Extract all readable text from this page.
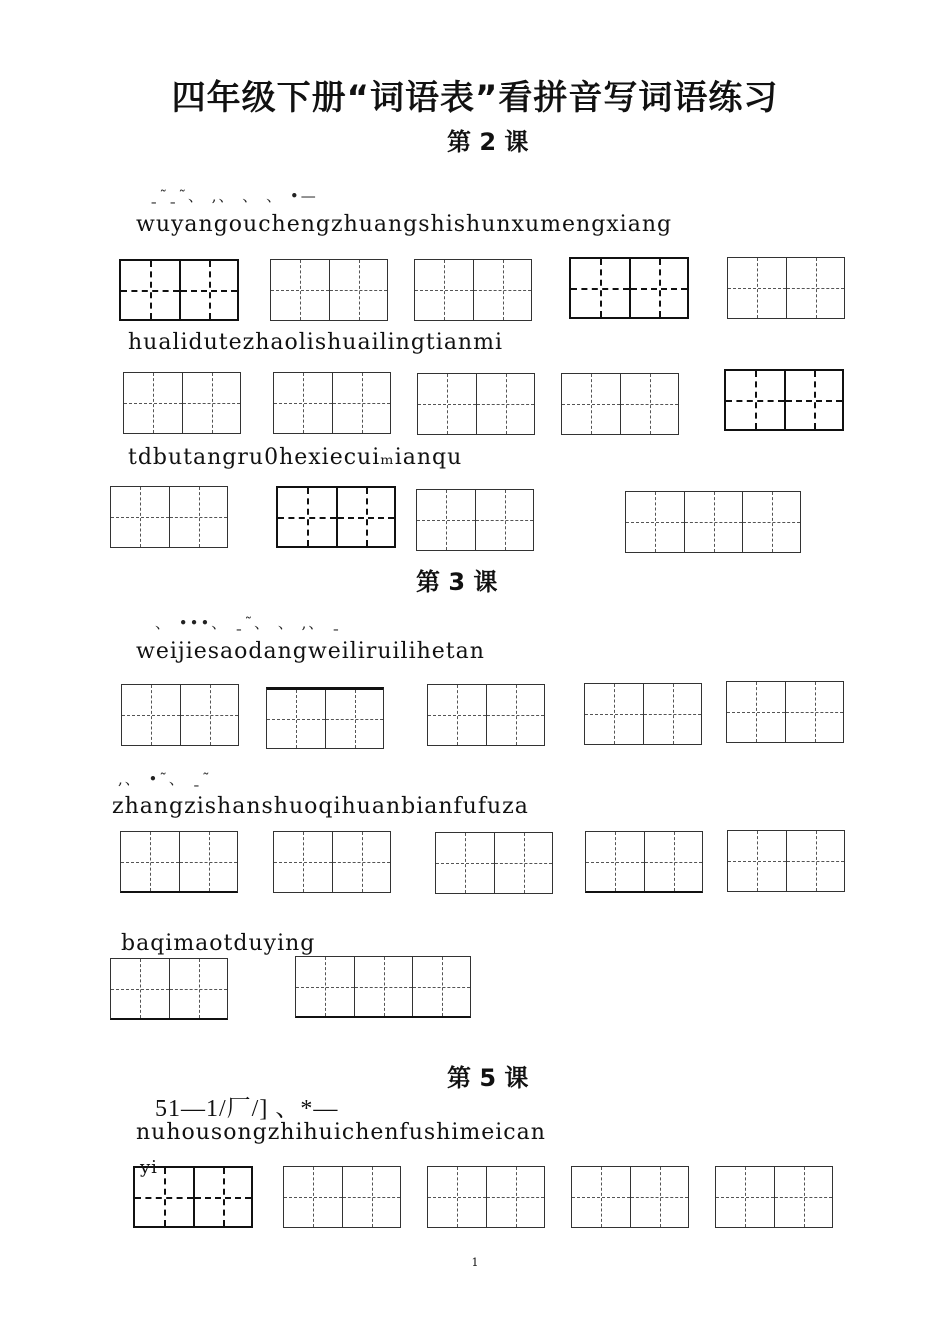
四年级下册“词语表”看拼音写词语练习
第 2 课
ˍ˜ˍ˜、 ,、 、 、 •—
wuyangouchengzhuangshishunxumengxiang
hualidutezhaolishuailingtianmi
tdbutangru0hexiecuiₘianqu
第 3 课
、 •••、 ˍ˜、 、 ,、 ˍ
weijiesaodangweiliruilihetan
,、 •˜、 ˍ˜
zhangzishanshuoqihuanbianfufuza
baqimaotduying
第 5 课
51—1/厂/] 、*—
nuhousongzhihuichenfushimeican
yi
1
